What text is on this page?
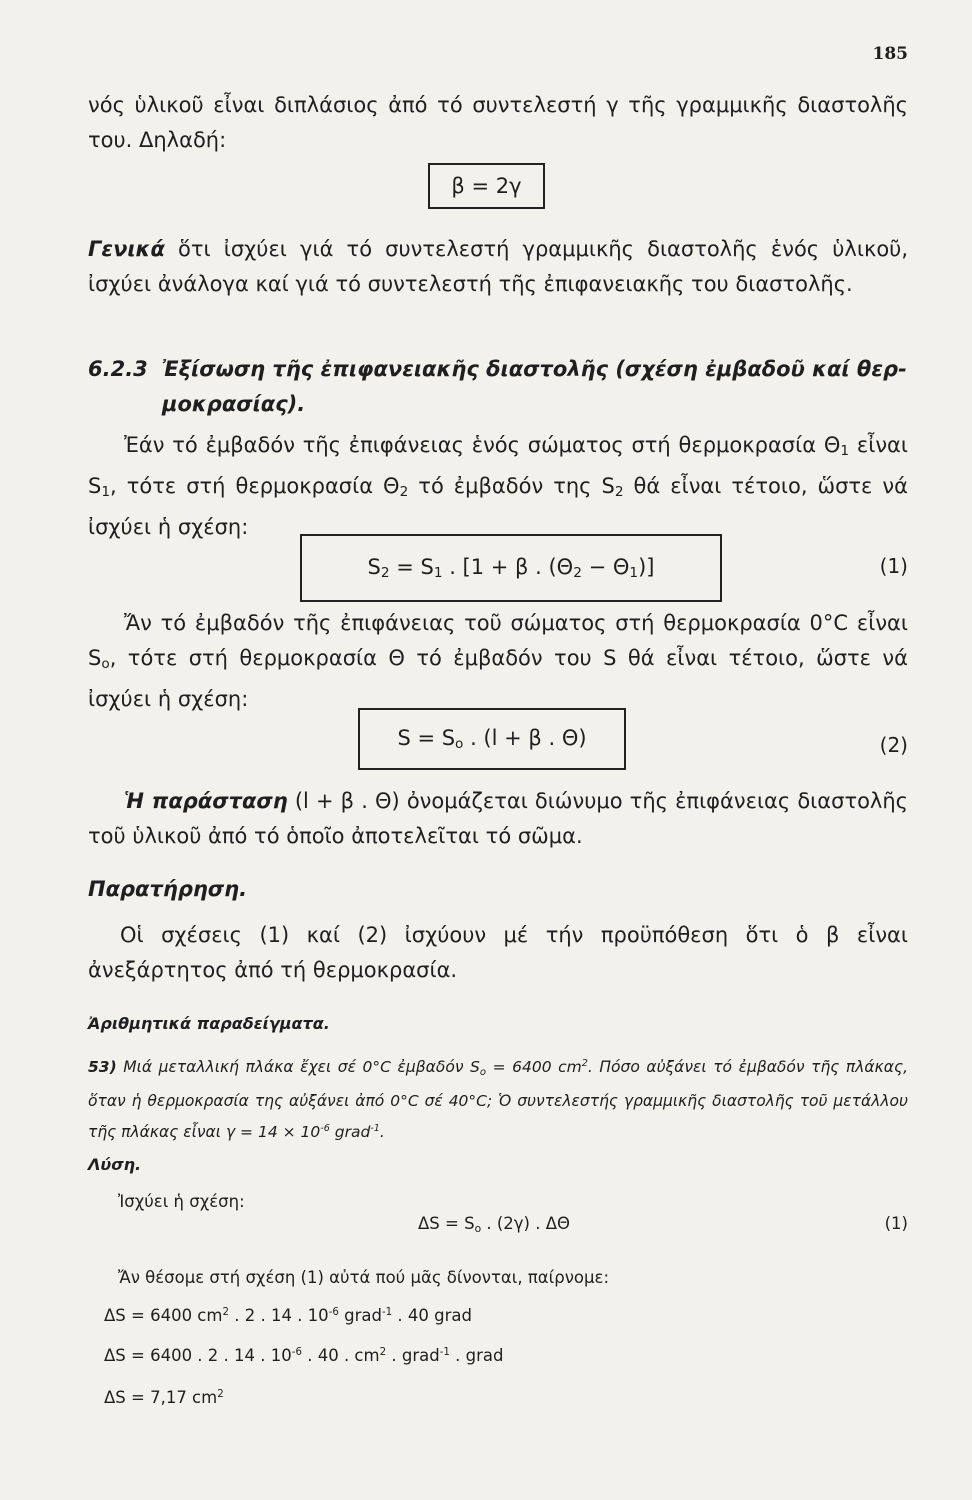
185
νός ὑλικοῦ εἶναι διπλάσιος ἀπό τό συντελεστή γ τῆς γραμμικῆς διαστολῆς του. Δηλαδή:
β = 2γ
Γενικά ὅτι ἰσχύει γιά τό συντελεστή γραμμικῆς διαστολῆς ἑνός ὑλικοῦ, ἰσχύει ἀνάλογα καί γιά τό συντελεστή τῆς ἐπιφανειακῆς του διαστολῆς.
6.2.3 Ἐξίσωση τῆς ἐπιφανειακῆς διαστολῆς (σχέση ἐμβαδοῦ καί θερ-
μοκρασίας).
Ἐάν τό ἐμβαδόν τῆς ἐπιφάνειας ἑνός σώματος στή θερμοκρασία $\Theta_1$ εἶναι $S_1$, τότε στή θερμοκρασία $\Theta_2$ τό ἐμβαδόν της $S_2$ θά εἶναι τέτοιο, ὥστε νά ἰσχύει ἡ σχέση:
$S_2 = S_1$ . [1 + β . $(\Theta_2 - \Theta_1)$]	(1)
Ἄν τό ἐμβαδόν τῆς ἐπιφάνειας τοῦ σώματος στή θερμοκρασία 0°C εἶναι $S_o$, τότε στή θερμοκρασία Θ τό ἐμβαδόν του S θά εἶναι τέτοιο, ὥστε νά ἰσχύει ἡ σχέση:
$S = S_o$ . (l + β . Θ)	(2)
Ἡ παράσταση (l + β . Θ) ὀνομάζεται διώνυμο τῆς ἐπιφάνειας διαστολῆς τοῦ ὑλικοῦ ἀπό τό ὁποῖο ἀποτελεῖται τό σῶμα.
Παρατήρηση.
Οἱ σχέσεις (1) καί (2) ἰσχύουν μέ τήν προϋπόθεση ὅτι ὁ β εἶναι ἀνεξάρτητος ἀπό τή θερμοκρασία.
Ἀριθμητικά παραδείγματα.
53) Μιά μεταλλική πλάκα ἔχει σέ 0°C ἐμβαδόν $S_o = 6400$ $cm^2$. Πόσο αὐξάνει τό ἐμβαδόν τῆς πλάκας, ὅταν ἡ θερμοκρασία της αὐξάνει ἀπό 0°C σέ 40°C; Ὁ συντελεστής γραμμικῆς διαστολῆς τοῦ μετάλλου τῆς πλάκας εἶναι $\gamma = 14 \times 10^{-6}$ grad$^{-1}$.
Λύση.
Ἰσχύει ἡ σχέση:
$\Delta S = S_o$ . (2γ) . ΔΘ	(1)
Ἄν θέσομε στή σχέση (1) αὐτά πού μᾶς δίνονται, παίρνομε:
ΔS = 6400 $cm^2$ . 2 . 14 . $10^{-6}$ grad$^{-1}$ . 40 grad
ΔS = 6400 . 2 . 14 . $10^{-6}$ . 40 . $cm^2$ . grad$^{-1}$ . grad
ΔS = 7,17 $cm^2$
